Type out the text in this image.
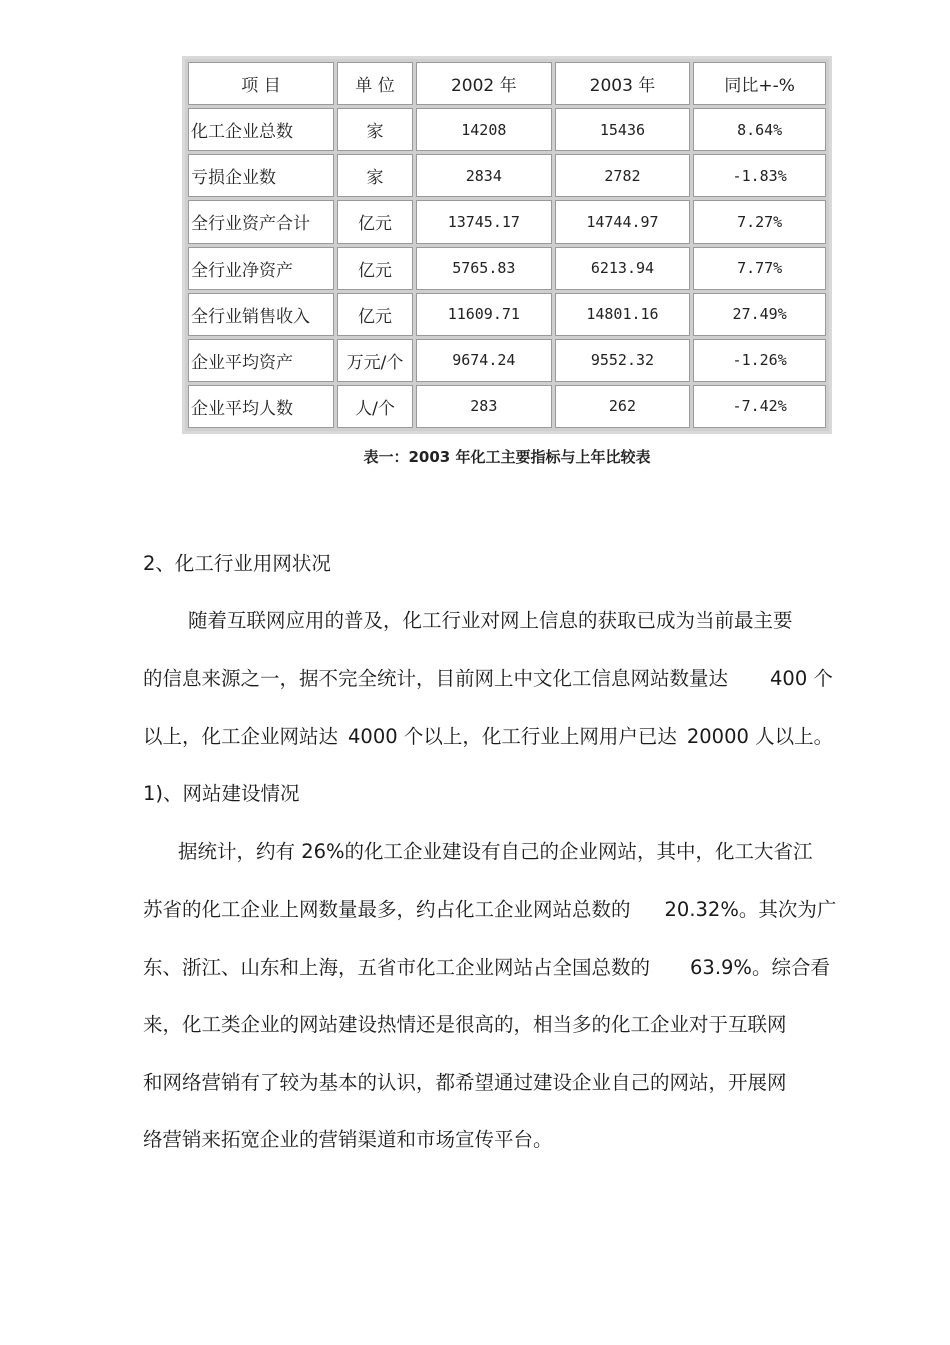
项 目	单 位	2002 年	2003 年	同比+-%
化工企业总数	家	14208	15436	8.64%
亏损企业数	家	2834	2782	-1.83%
全行业资产合计	亿元	13745.17	14744.97	7.27%
全行业净资产	亿元	5765.83	6213.94	7.77%
全行业销售收入	亿元	11609.71	14801.16	27.49%
企业平均资产	万元/个	9674.24	9552.32	-1.26%
企业平均人数	人/个	283	262	-7.42%
表一：2003 年化工主要指标与上年比较表
2、化工行业用网状况
随着互联网应用的普及，化工行业对网上信息的获取已成为当前最主要
的信息来源之一，据不完全统计，目前网上中文化工信息网站数量达 400 个
以上，化工企业网站达 4000 个以上，化工行业上网用户已达 20000 人以上。
1)、网站建设情况
据统计，约有 26%的化工企业建设有自己的企业网站，其中，化工大省江
苏省的化工企业上网数量最多，约占化工企业网站总数的 20.32%。其次为广
东、浙江、山东和上海，五省市化工企业网站占全国总数的 63.9%。综合看
来，化工类企业的网站建设热情还是很高的，相当多的化工企业对于互联网
和网络营销有了较为基本的认识，都希望通过建设企业自己的网站，开展网
络营销来拓宽企业的营销渠道和市场宣传平台。
